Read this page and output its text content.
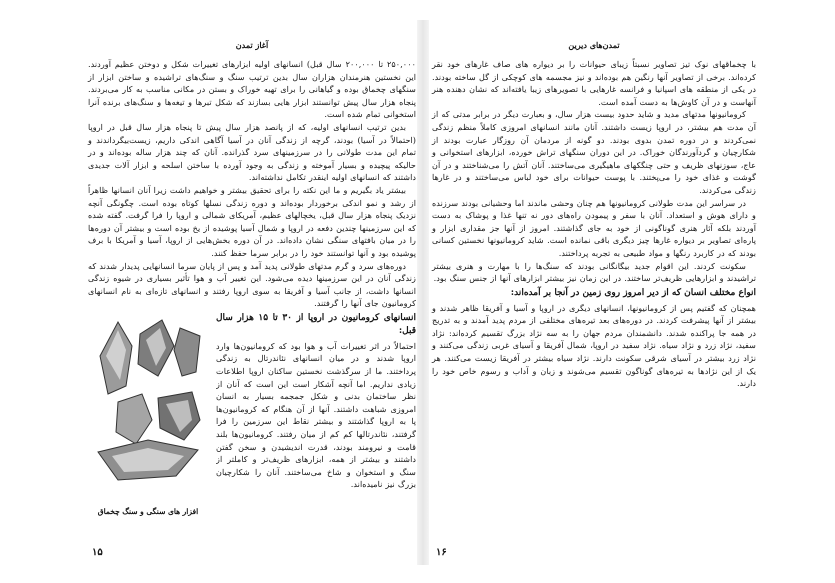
آغاز تمدن

۲۵۰,۰۰۰ تا ۲۰۰,۰۰۰ سال قبل) انسانهای اولیه ابزارهای تغییرات شکل و دوختن عظیم آوردند. این نخستین هنرمندان هزاران سال بدین ترتیب سنگ و سنگ‌های تراشیده و ساختن ابزار از سنگهای چخماق بوده و گیاهانی را برای تهیه خوراک و بستن در مکانی مناسب به کار می‌بردند. پنجاه هزار سال پیش توانستند ابزار هایی بسازند که شکل تبرها و تیغه‌ها و سنگ‌های برنده آنرا استخوانی تمام شده است.

بدین ترتیب انسانهای اولیه، که از پانصد هزار سال پیش تا پنجاه هزار سال قبل در اروپا (احتمالاً در آسیا) بودند، گرچه از زندگی آنان در آسیا آگاهی اندکی داریم، زیست‌بیگرداندند و تمام این مدت طولانی را در سرزمینهای سرد گذرانده. آنان که چند هزار ساله بوده‌اند و در حالیکه پیچیده و بسیار آموخته و زندگی به وجود آورده با ساختن اسلحه و ابزار آلات جدیدی داشتند که انسانهای اولیه اینقدر تکامل نداشته‌اند.

بیشتر یاد بگیریم و ما این نکته را برای تحقیق بیشتر و خواهیم داشت زیرا آنان انسانها ظاهراً از رشد و نمو اندکی برخوردار بوده‌اند و دوره زندگی نسلها کوتاه بوده است. چگونگی آنچه نزدیک پنجاه هزار سال قبل، یخچالهای عظیم، آمریکای شمالی و اروپا را فرا گرفت. گفته شده که این سرزمینها چندین دفعه در اروپا و شمال آسیا پوشیده از یخ بوده است و بیشتر آن دوره‌ها را در میان بافتهای سنگی نشان داده‌اند. در آن دوره بخش‌هایی از اروپا، آسیا و آمریکا با برف پوشیده بود و آنها توانستند خود را در برابر سرما حفظ کنند.

دوره‌های سرد و گرم مدتهای طولانی پدید آمد و پس از پایان سرما انسانهایی پدیدار شدند که زندگی آنان در این سرزمینها دیده می‌شود. این تغییر آب و هوا تأثیر بسیاری در شیوه زندگی انسانها داشت، از جانب آسیا و آفریقا به سوی اروپا رفتند و انسانهای تازه‌ای به نام انسانهای کرومانیون جای آنها را گرفتند.

افزار های سنگی و سنگ چخماق
انسانهای کرومانیون در اروپا از ۳۰ تا ۱۵ هزار سال قبل:

احتمالاً در اثر تغییرات آب و هوا بود که کرومانیون‌ها وارد اروپا شدند و در میان انسانهای نئاندرتال به زندگی پرداختند. ما از سرگذشت نخستین ساکنان اروپا اطلاعات زیادی نداریم. اما آنچه آشکار است این است که آنان از نظر ساختمان بدنی و شکل جمجمه بسیار به انسان امروزی شباهت داشتند. آنها از آن هنگام که کرومانیون‌ها پا به اروپا گذاشتند و بیشتر نقاط این سرزمین را فرا گرفتند، نئاندرتالها کم کم از میان رفتند. کرومانیون‌ها بلند قامت و نیرومند بودند، قدرت اندیشیدن و سخن گفتن داشتند و بیشتر از همه، ابزارهای ظریف‌تر و کاملتر از سنگ و استخوان و شاخ می‌ساختند. آنان را شکارچیان بزرگ نیز نامیده‌اند.

۱۵
تمدن‌های دیرین

با چخماقهای نوک تیز تصاویر نسبتاً زیبای حیوانات را بر دیواره های صاف غارهای خود نقر کرده‌اند. برخی از تصاویر آنها رنگین هم بوده‌اند و نیز مجسمه های کوچکی از گل ساخته بودند. در یکی از منطقه های اسپانیا و فرانسه غارهایی با تصویرهای زیبا یافته‌اند که نشان دهنده هنر آنهاست و در آن کاوش‌ها به دست آمده است.

کرومانیونها مدتهای مدید و شاید حدود بیست هزار سال، و بعبارت دیگر در برابر مدتی که از آن مدت هم بیشتر، در اروپا زیست داشتند. آنان مانند انسانهای امروزی کاملاً منظم زندگی نمی‌کردند و در دوره تمدن بدوی بودند. دو گونه از مردمان آن روزگار عبارت بودند از شکارچیان و گردآورندگان خوراک. در این دوران سنگهای تراش خورده، ابزارهای استخوانی و عاج، سوزنهای ظریف و حتی چنگکهای ماهیگیری می‌ساختند. آنان آتش را می‌شناختند و در آن گوشت و غذای خود را می‌پختند. با پوست حیوانات برای خود لباس می‌ساختند و در غارها زندگی می‌کردند.

در سراسر این مدت طولانی کرومانیونها هم چنان وحشی ماندند اما وحشیانی بودند سرزنده و دارای هوش و استعداد. آنان با سفر و پیمودن راه‌های دور نه تنها غذا و پوشاک به دست آوردند بلکه آثار هنری گوناگونی از خود به جای گذاشتند. امروز از آنها جز مقداری ابزار و پاره‌ای تصاویر بر دیواره غارها چیز دیگری باقی نمانده است. شاید کرومانیونها نخستین کسانی بودند که در کاربرد رنگها و مواد طبیعی به تجربه پرداختند.

سکونت کردند. این اقوام جدید بیگانگانی بودند که سنگ‌ها را با مهارت و هنری بیشتر تراشیدند و ابزارهایی ظریف‌تر ساختند. در این زمان نیز بیشتر ابزارهای آنها از جنس سنگ بود.

انواع مختلف انسان که از دیر امروز روی زمین در آنجا بر آمده‌اند:

همچنان که گفتیم پس از کرومانیونها، انسانهای دیگری در اروپا و آسیا و آفریقا ظاهر شدند و بیشتر از آنها پیشرفت کردند. در دوره‌های بعد تیره‌های مختلفی از مردم پدید آمدند و به تدریج در همه جا پراکنده شدند. دانشمندان مردم جهان را به سه نژاد بزرگ تقسیم کرده‌اند: نژاد سفید، نژاد زرد و نژاد سیاه. نژاد سفید در اروپا، شمال آفریقا و آسیای غربی زندگی می‌کنند و نژاد زرد بیشتر در آسیای شرقی سکونت دارند. نژاد سیاه بیشتر در آفریقا زیست می‌کنند. هر یک از این نژادها به تیره‌های گوناگون تقسیم می‌شوند و زبان و آداب و رسوم خاص خود را دارند.

۱۶
